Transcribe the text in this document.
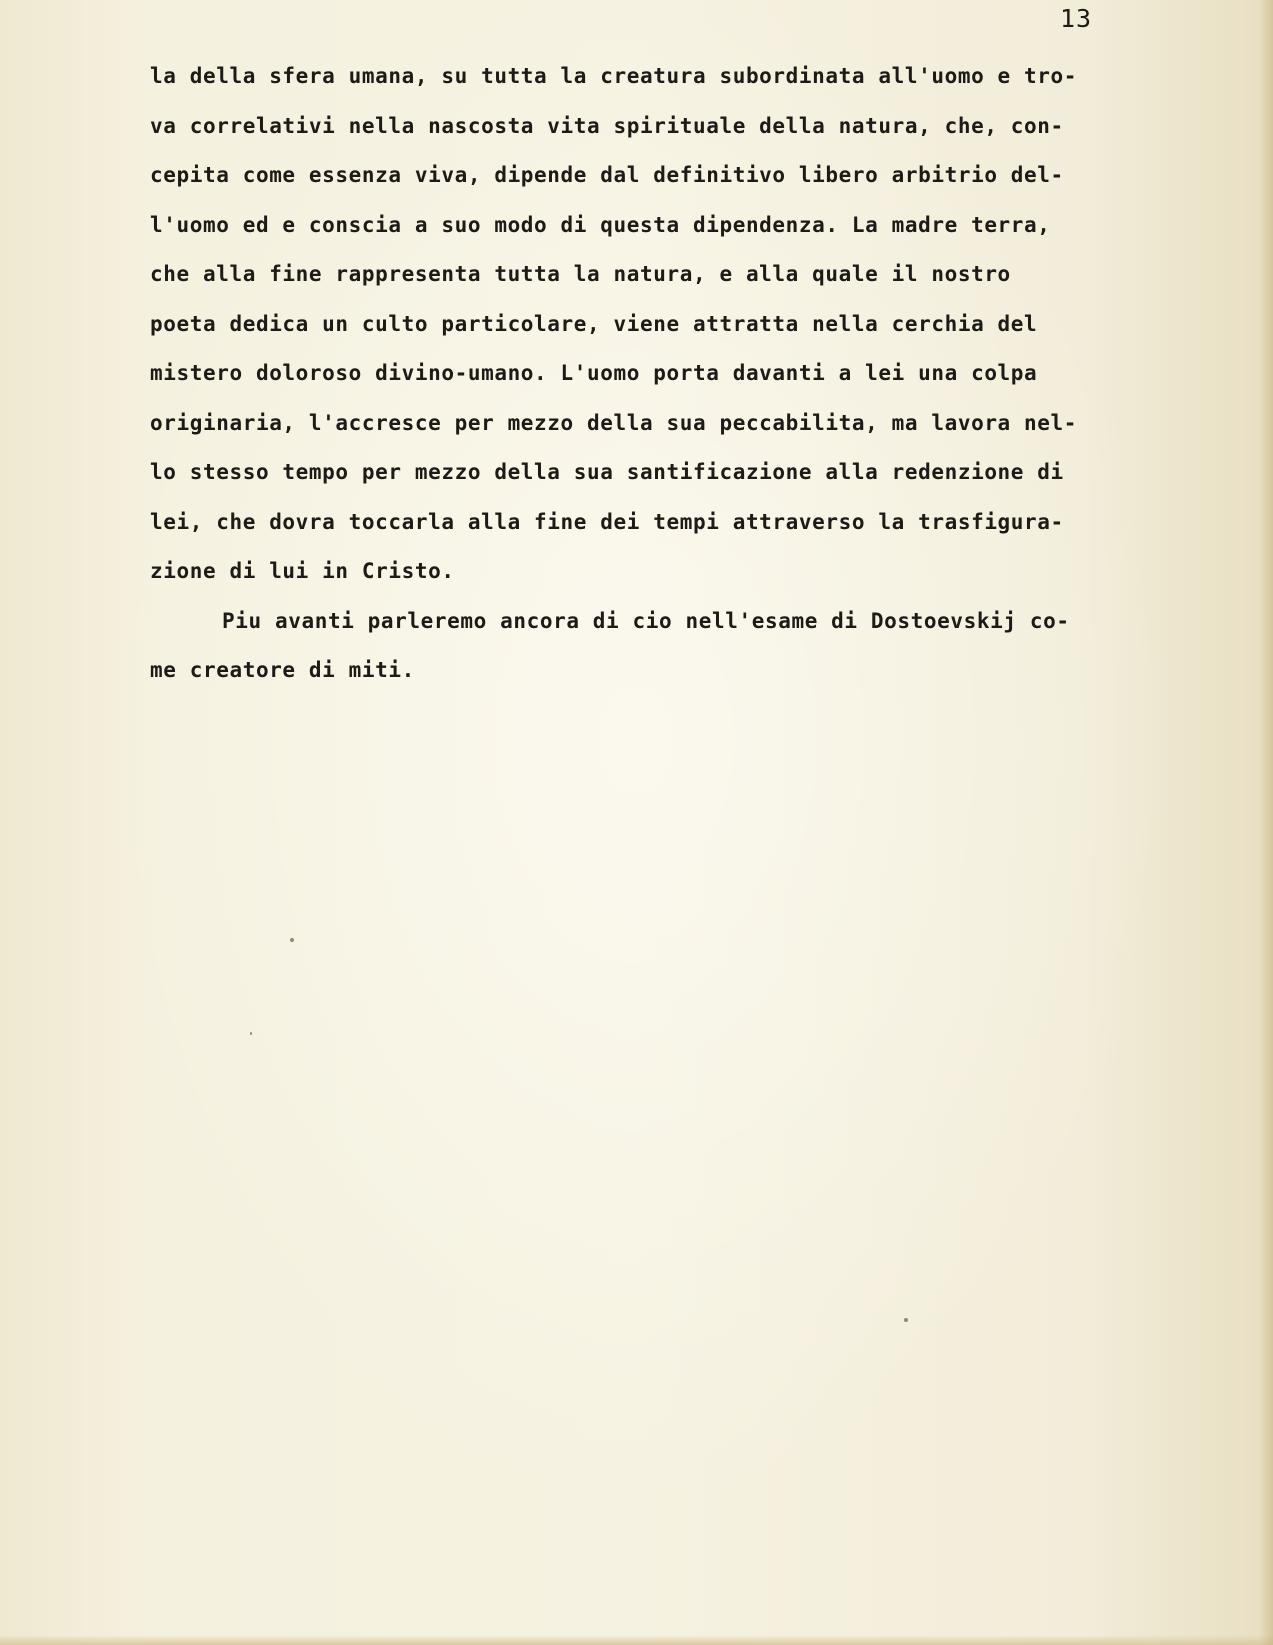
13
la della sfera umana, su tutta la creatura subordinata all'uomo e tro-
va correlativi nella nascosta vita spirituale della natura, che, con-
cepita come essenza viva, dipende dal definitivo libero arbitrio del-
l'uomo ed e conscia a suo modo di questa dipendenza. La madre terra,
che alla fine rappresenta tutta la natura, e alla quale il nostro
poeta dedica un culto particolare, viene attratta nella cerchia del
mistero doloroso divino-umano. L'uomo porta davanti a lei una colpa
originaria, l'accresce per mezzo della sua peccabilita, ma lavora nel-
lo stesso tempo per mezzo della sua santificazione alla redenzione di
lei, che dovra toccarla alla fine dei tempi attraverso la trasfigura-
zione di lui in Cristo.
Piu avanti parleremo ancora di cio nell'esame di Dostoevskij co-
me creatore di miti.
